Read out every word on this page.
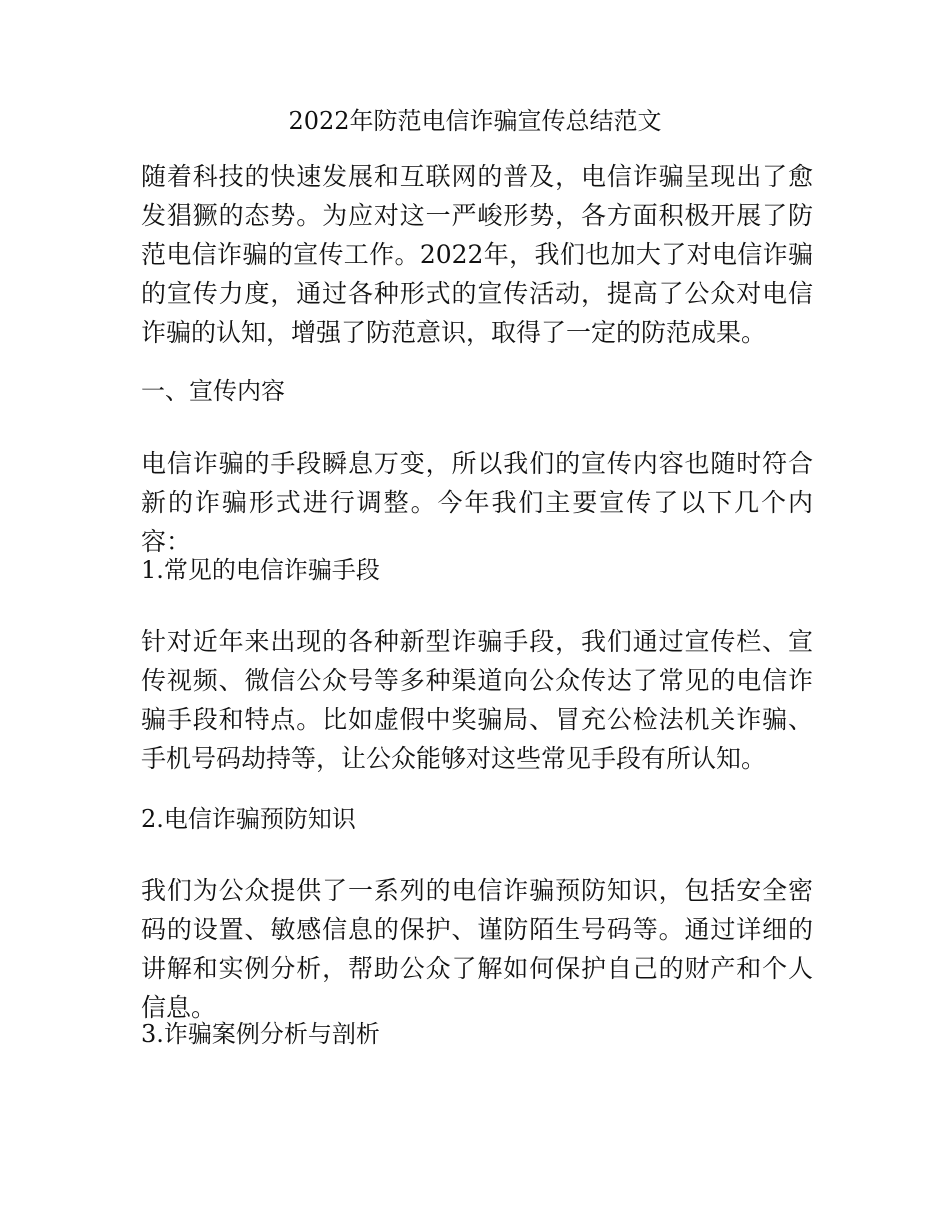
2022年防范电信诈骗宣传总结范文

随着科技的快速发展和互联网的普及，电信诈骗呈现出了愈发猖獗的态势。为应对这一严峻形势，各方面积极开展了防范电信诈骗的宣传工作。2022年，我们也加大了对电信诈骗的宣传力度，通过各种形式的宣传活动，提高了公众对电信诈骗的认知，增强了防范意识，取得了一定的防范成果。

一、宣传内容

电信诈骗的手段瞬息万变，所以我们的宣传内容也随时符合新的诈骗形式进行调整。今年我们主要宣传了以下几个内容：

1.常见的电信诈骗手段

针对近年来出现的各种新型诈骗手段，我们通过宣传栏、宣传视频、微信公众号等多种渠道向公众传达了常见的电信诈骗手段和特点。比如虚假中奖骗局、冒充公检法机关诈骗、手机号码劫持等，让公众能够对这些常见手段有所认知。

2.电信诈骗预防知识

我们为公众提供了一系列的电信诈骗预防知识，包括安全密码的设置、敏感信息的保护、谨防陌生号码等。通过详细的讲解和实例分析，帮助公众了解如何保护自己的财产和个人信息。

3.诈骗案例分析与剖析
